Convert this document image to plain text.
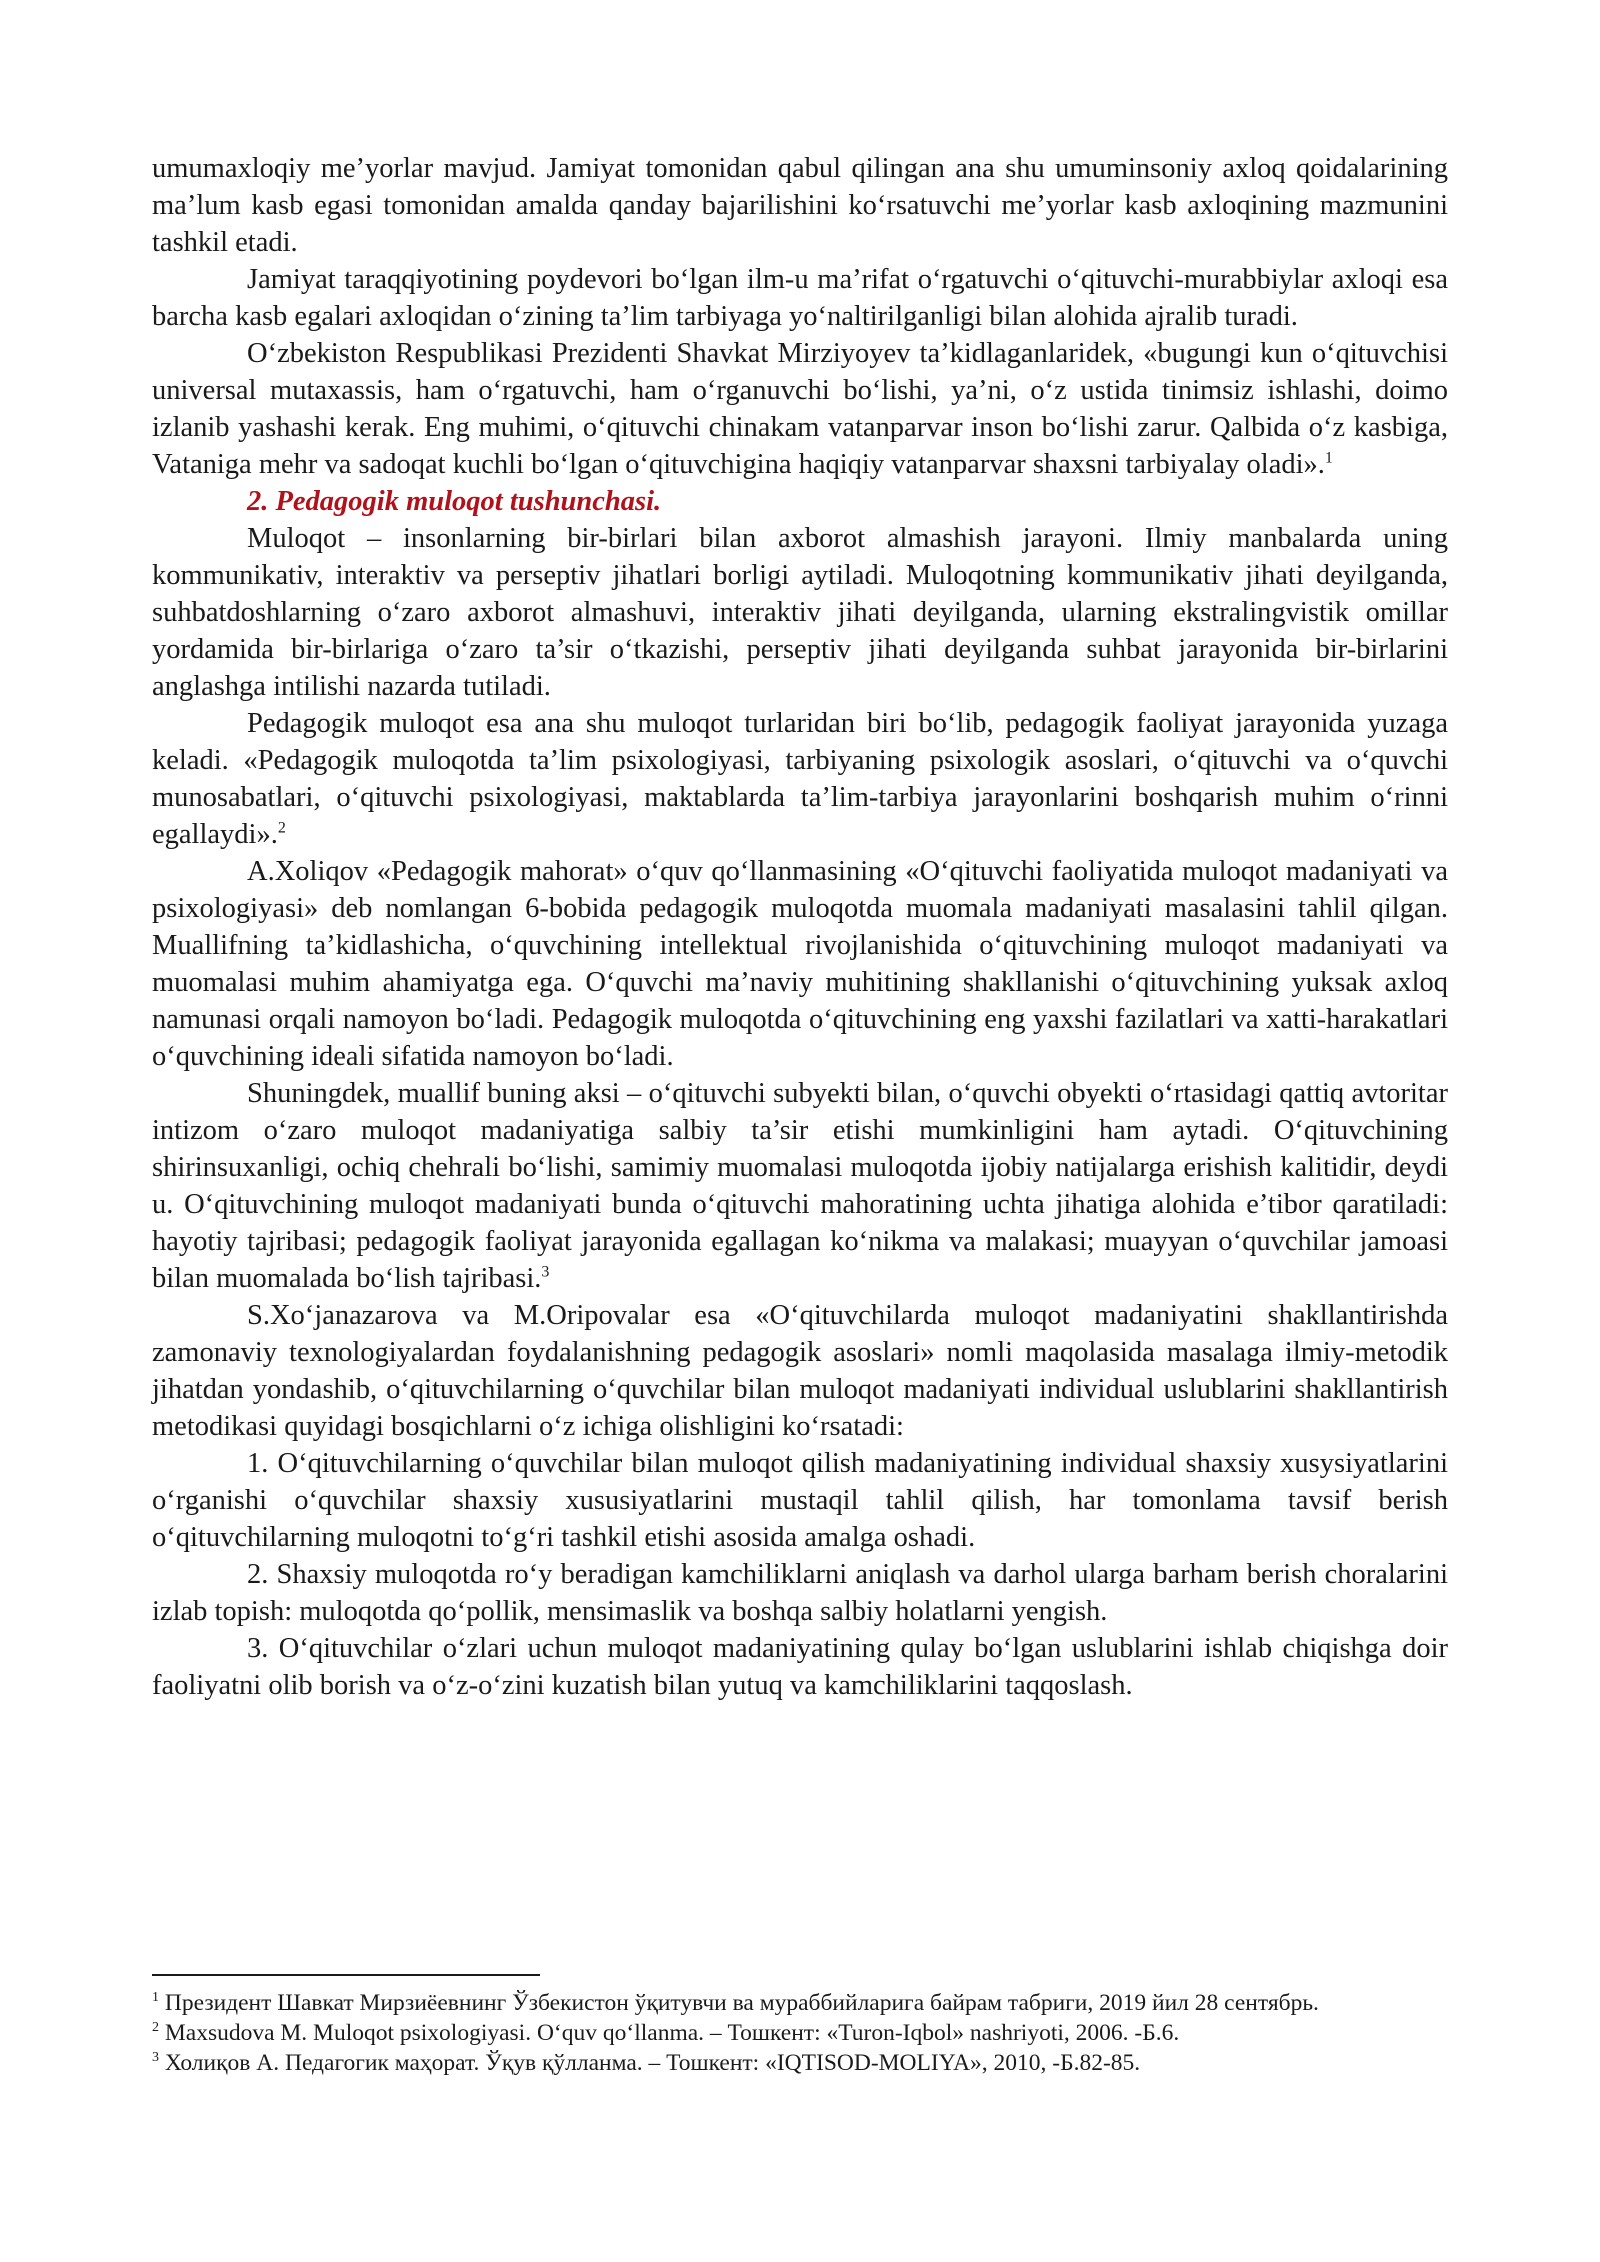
umumaxloqiy me’yorlar mavjud. Jamiyat tomonidan qabul qilingan ana shu umuminsoniy axloq qoidalarining ma’lum kasb egasi tomonidan amalda qanday bajarilishini ko‘rsatuvchi me’yorlar kasb axloqining mazmunini tashkil etadi.

Jamiyat taraqqiyotining poydevori bo‘lgan ilm-u ma’rifat o‘rgatuvchi o‘qituvchi-murabbiylar axloqi esa barcha kasb egalari axloqidan o‘zining ta’lim tarbiyaga yo‘naltirilganligi bilan alohida ajralib turadi.

O‘zbekiston Respublikasi Prezidenti Shavkat Mirziyoyev ta’kidlaganlaridek, «bugungi kun o‘qituvchisi universal mutaxassis, ham o‘rgatuvchi, ham o‘rganuvchi bo‘lishi, ya’ni, o‘z ustida tinimsiz ishlashi, doimo izlanib yashashi kerak. Eng muhimi, o‘qituvchi chinakam vatanparvar inson bo‘lishi zarur. Qalbida o‘z kasbiga, Vataniga mehr va sadoqat kuchli bo‘lgan o‘qituvchigina haqiqiy vatanparvar shaxsni tarbiyalay oladi».$^1$

2. Pedagogik muloqot tushunchasi.

Muloqot – insonlarning bir-birlari bilan axborot almashish jarayoni. Ilmiy manbalarda uning kommunikativ, interaktiv va perseptiv jihatlari borligi aytiladi. Muloqotning kommunikativ jihati deyilganda, suhbatdoshlarning o‘zaro axborot almashuvi, interaktiv jihati deyilganda, ularning ekstralingvistik omillar yordamida bir-birlariga o‘zaro ta’sir o‘tkazishi, perseptiv jihati deyilganda suhbat jarayonida bir-birlarini anglashga intilishi nazarda tutiladi.

Pedagogik muloqot esa ana shu muloqot turlaridan biri bo‘lib, pedagogik faoliyat jarayonida yuzaga keladi. «Pedagogik muloqotda ta’lim psixologiyasi, tarbiyaning psixologik asoslari, o‘qituvchi va o‘quvchi munosabatlari, o‘qituvchi psixologiyasi, maktablarda ta’lim-tarbiya jarayonlarini boshqarish muhim o‘rinni egallaydi».$^2$

A.Xoliqov «Pedagogik mahorat» o‘quv qo‘llanmasining «O‘qituvchi faoliyatida muloqot madaniyati va psixologiyasi» deb nomlangan 6-bobida pedagogik muloqotda muomala madaniyati masalasini tahlil qilgan. Muallifning ta’kidlashicha, o‘quvchining intellektual rivojlanishida o‘qituvchining muloqot madaniyati va muomalasi muhim ahamiyatga ega. O‘quvchi ma’naviy muhitining shakllanishi o‘qituvchining yuksak axloq namunasi orqali namoyon bo‘ladi. Pedagogik muloqotda o‘qituvchining eng yaxshi fazilatlari va xatti-harakatlari o‘quvchining ideali sifatida namoyon bo‘ladi.

Shuningdek, muallif buning aksi – o‘qituvchi subyekti bilan, o‘quvchi obyekti o‘rtasidagi qattiq avtoritar intizom o‘zaro muloqot madaniyatiga salbiy ta’sir etishi mumkinligini ham aytadi. O‘qituvchining shirinsuxanligi, ochiq chehrali bo‘lishi, samimiy muomalasi muloqotda ijobiy natijalarga erishish kalitidir, deydi u. O‘qituvchining muloqot madaniyati bunda o‘qituvchi mahoratining uchta jihatiga alohida e’tibor qaratiladi: hayotiy tajribasi; pedagogik faoliyat jarayonida egallagan ko‘nikma va malakasi; muayyan o‘quvchilar jamoasi bilan muomalada bo‘lish tajribasi.$^3$

S.Xo‘janazarova va M.Oripovalar esa «O‘qituvchilarda muloqot madaniyatini shakllantirishda zamonaviy texnologiyalardan foydalanishning pedagogik asoslari» nomli maqolasida masalaga ilmiy-metodik jihatdan yondashib, o‘qituvchilarning o‘quvchilar bilan muloqot madaniyati individual uslublarini shakllantirish metodikasi quyidagi bosqichlarni o‘z ichiga olishligini ko‘rsatadi:

1. O‘qituvchilarning o‘quvchilar bilan muloqot qilish madaniyatining individual shaxsiy xusysiyatlarini o‘rganishi o‘quvchilar shaxsiy xususiyatlarini mustaqil tahlil qilish, har tomonlama tavsif berish o‘qituvchilarning muloqotni to‘g‘ri tashkil etishi asosida amalga oshadi.

2. Shaxsiy muloqotda ro‘y beradigan kamchiliklarni aniqlash va darhol ularga barham berish choralarini izlab topish: muloqotda qo‘pollik, mensimaslik va boshqa salbiy holatlarni yengish.

3. O‘qituvchilar o‘zlari uchun muloqot madaniyatining qulay bo‘lgan uslublarini ishlab chiqishga doir faoliyatni olib borish va o‘z-o‘zini kuzatish bilan yutuq va kamchiliklarini taqqoslash.

$^1$ Президент Шавкат Мирзиёевнинг Ўзбекистон ўқитувчи ва мураббийларига байрам табриги, 2019 йил 28 сентябрь.

$^2$ Maxsudova M. Muloqot psixologiyasi. O‘quv qo‘llanma. – Тошкент: «Turon-Iqbol» nashriyoti, 2006. -Б.6.

$^3$ Холиқов А. Педагогик маҳорат. Ўқув қўлланма. – Тошкент: «IQTISOD-MOLIYA», 2010, -Б.82-85.
